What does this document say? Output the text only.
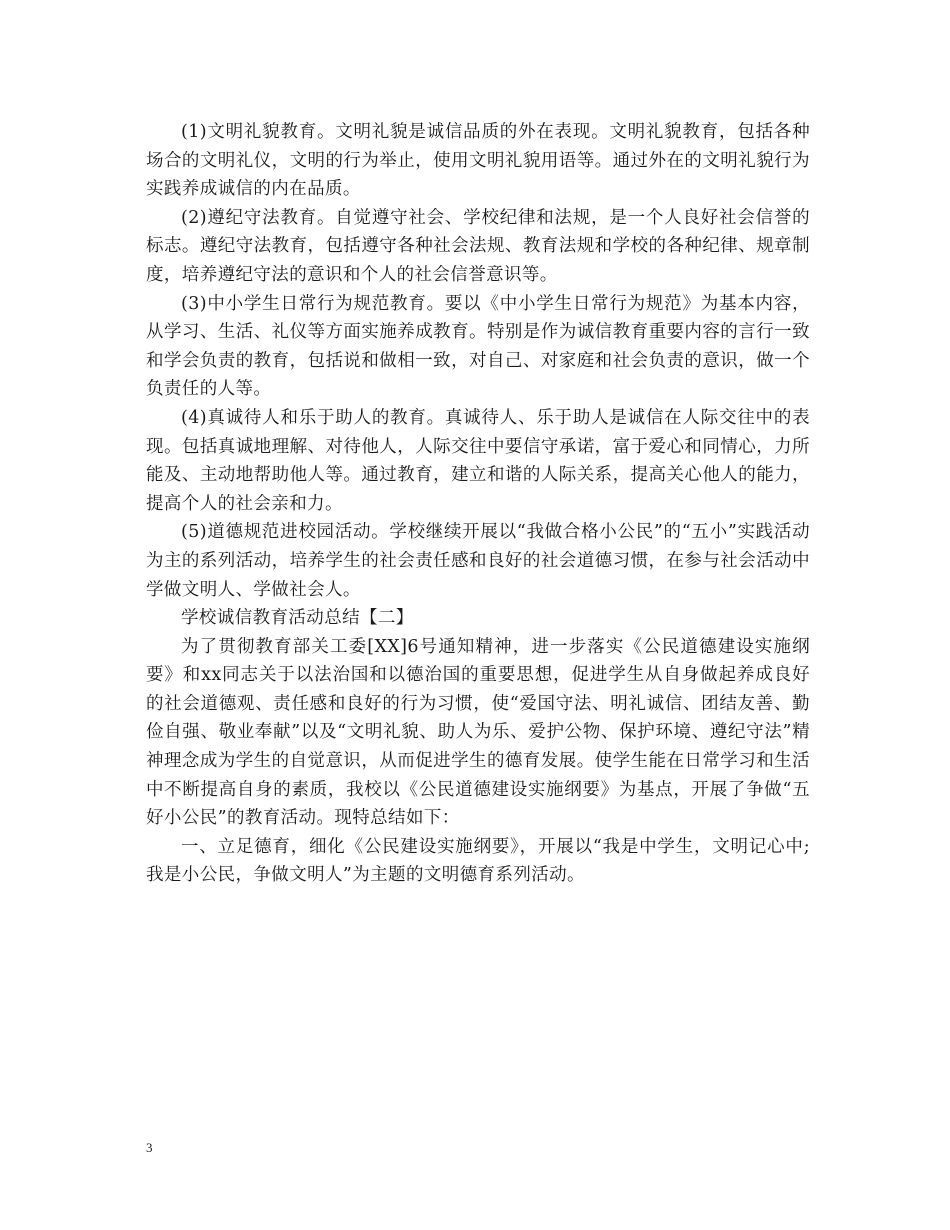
(1)文明礼貌教育。文明礼貌是诚信品质的外在表现。文明礼貌教育，包括各种场合的文明礼仪，文明的行为举止，使用文明礼貌用语等。通过外在的文明礼貌行为实践养成诚信的内在品质。

(2)遵纪守法教育。自觉遵守社会、学校纪律和法规，是一个人良好社会信誉的标志。遵纪守法教育，包括遵守各种社会法规、教育法规和学校的各种纪律、规章制度，培养遵纪守法的意识和个人的社会信誉意识等。

(3)中小学生日常行为规范教育。要以《中小学生日常行为规范》为基本内容，从学习、生活、礼仪等方面实施养成教育。特别是作为诚信教育重要内容的言行一致和学会负责的教育，包括说和做相一致，对自己、对家庭和社会负责的意识，做一个负责任的人等。

(4)真诚待人和乐于助人的教育。真诚待人、乐于助人是诚信在人际交往中的表现。包括真诚地理解、对待他人，人际交往中要信守承诺，富于爱心和同情心，力所能及、主动地帮助他人等。通过教育，建立和谐的人际关系，提高关心他人的能力，提高个人的社会亲和力。

(5)道德规范进校园活动。学校继续开展以“我做合格小公民”的“五小”实践活动为主的系列活动，培养学生的社会责任感和良好的社会道德习惯，在参与社会活动中学做文明人、学做社会人。

学校诚信教育活动总结【二】

为了贯彻教育部关工委[XX]6号通知精神，进一步落实《公民道德建设实施纲要》和xx同志关于以法治国和以德治国的重要思想，促进学生从自身做起养成良好的社会道德观、责任感和良好的行为习惯，使“爱国守法、明礼诚信、团结友善、勤俭自强、敬业奉献”以及“文明礼貌、助人为乐、爱护公物、保护环境、遵纪守法”精神理念成为学生的自觉意识，从而促进学生的德育发展。使学生能在日常学习和生活中不断提高自身的素质，我校以《公民道德建设实施纲要》为基点，开展了争做“五好小公民”的教育活动。现特总结如下：

一、立足德育，细化《公民建设实施纲要》，开展以“我是中学生，文明记心中;我是小公民，争做文明人”为主题的文明德育系列活动。

3
